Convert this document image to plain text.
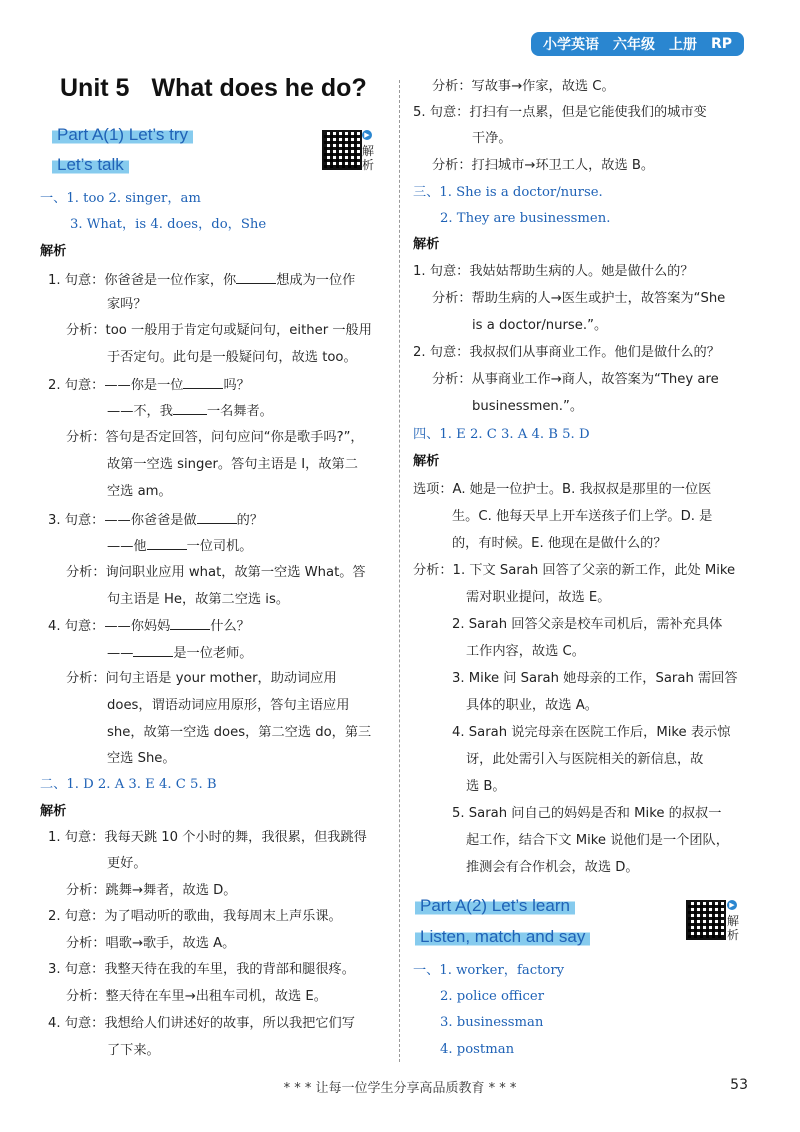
小学英语 六年级 上册 RP
Unit 5 What does he do?
Part A(1) Let’s try
Let’s talk
▶
解析
一、1. too 2. singer，am
3. What，is 4. does，do，She
解析
1. 句意：你爸爸是一位作家，你	想成为一位作
家吗？
分析：too 一般用于肯定句或疑问句，either 一般用
于否定句。此句是一般疑问句，故选 too。
2. 句意：——你是一位	吗？
——不，我	一名舞者。
分析：答句是否定回答，问句应问“你是歌手吗?”，
故第一空选 singer。答句主语是 I，故第二
空选 am。
3. 句意：——你爸爸是做	的？
——他	一位司机。
分析：询问职业应用 what，故第一空选 What。答
句主语是 He，故第二空选 is。
4. 句意：——你妈妈	什么？
——	是一位老师。
分析：问句主语是 your mother，助动词应用
does，谓语动词应用原形，答句主语应用
she，故第一空选 does，第二空选 do，第三
空选 She。
二、1. D 2. A 3. E 4. C 5. B
解析
1. 句意：我每天跳 10 个小时的舞，我很累，但我跳得
更好。
分析：跳舞→舞者，故选 D。
2. 句意：为了唱动听的歌曲，我每周末上声乐课。
分析：唱歌→歌手，故选 A。
3. 句意：我整天待在我的车里，我的背部和腿很疼。
分析：整天待在车里→出租车司机，故选 E。
4. 句意：我想给人们讲述好的故事，所以我把它们写
了下来。
分析：写故事→作家，故选 C。
5. 句意：打扫有一点累，但是它能使我们的城市变
干净。
分析：打扫城市→环卫工人，故选 B。
三、1. She is a doctor/nurse.
2. They are businessmen.
解析
1. 句意：我姑姑帮助生病的人。她是做什么的？
分析：帮助生病的人→医生或护士，故答案为“She
is a doctor/nurse.”。
2. 句意：我叔叔们从事商业工作。他们是做什么的？
分析：从事商业工作→商人，故答案为“They are
businessmen.”。
四、1. E 2. C 3. A 4. B 5. D
解析
选项：A. 她是一位护士。B. 我叔叔是那里的一位医
生。C. 他每天早上开车送孩子们上学。D. 是
的，有时候。E. 他现在是做什么的？
分析：1. 下文 Sarah 回答了父亲的新工作，此处 Mike
需对职业提问，故选 E。
2. Sarah 回答父亲是校车司机后，需补充具体
工作内容，故选 C。
3. Mike 问 Sarah 她母亲的工作，Sarah 需回答
具体的职业，故选 A。
4. Sarah 说完母亲在医院工作后，Mike 表示惊
讶，此处需引入与医院相关的新信息，故
选 B。
5. Sarah 问自己的妈妈是否和 Mike 的叔叔一
起工作，结合下文 Mike 说他们是一个团队，
推测会有合作机会，故选 D。
Part A(2) Let’s learn
Listen, match and say
▶
解析
一、1. worker，factory
2. police officer
3. businessman
4. postman
* * * 让每一位学生分享高品质教育 * * *	53
